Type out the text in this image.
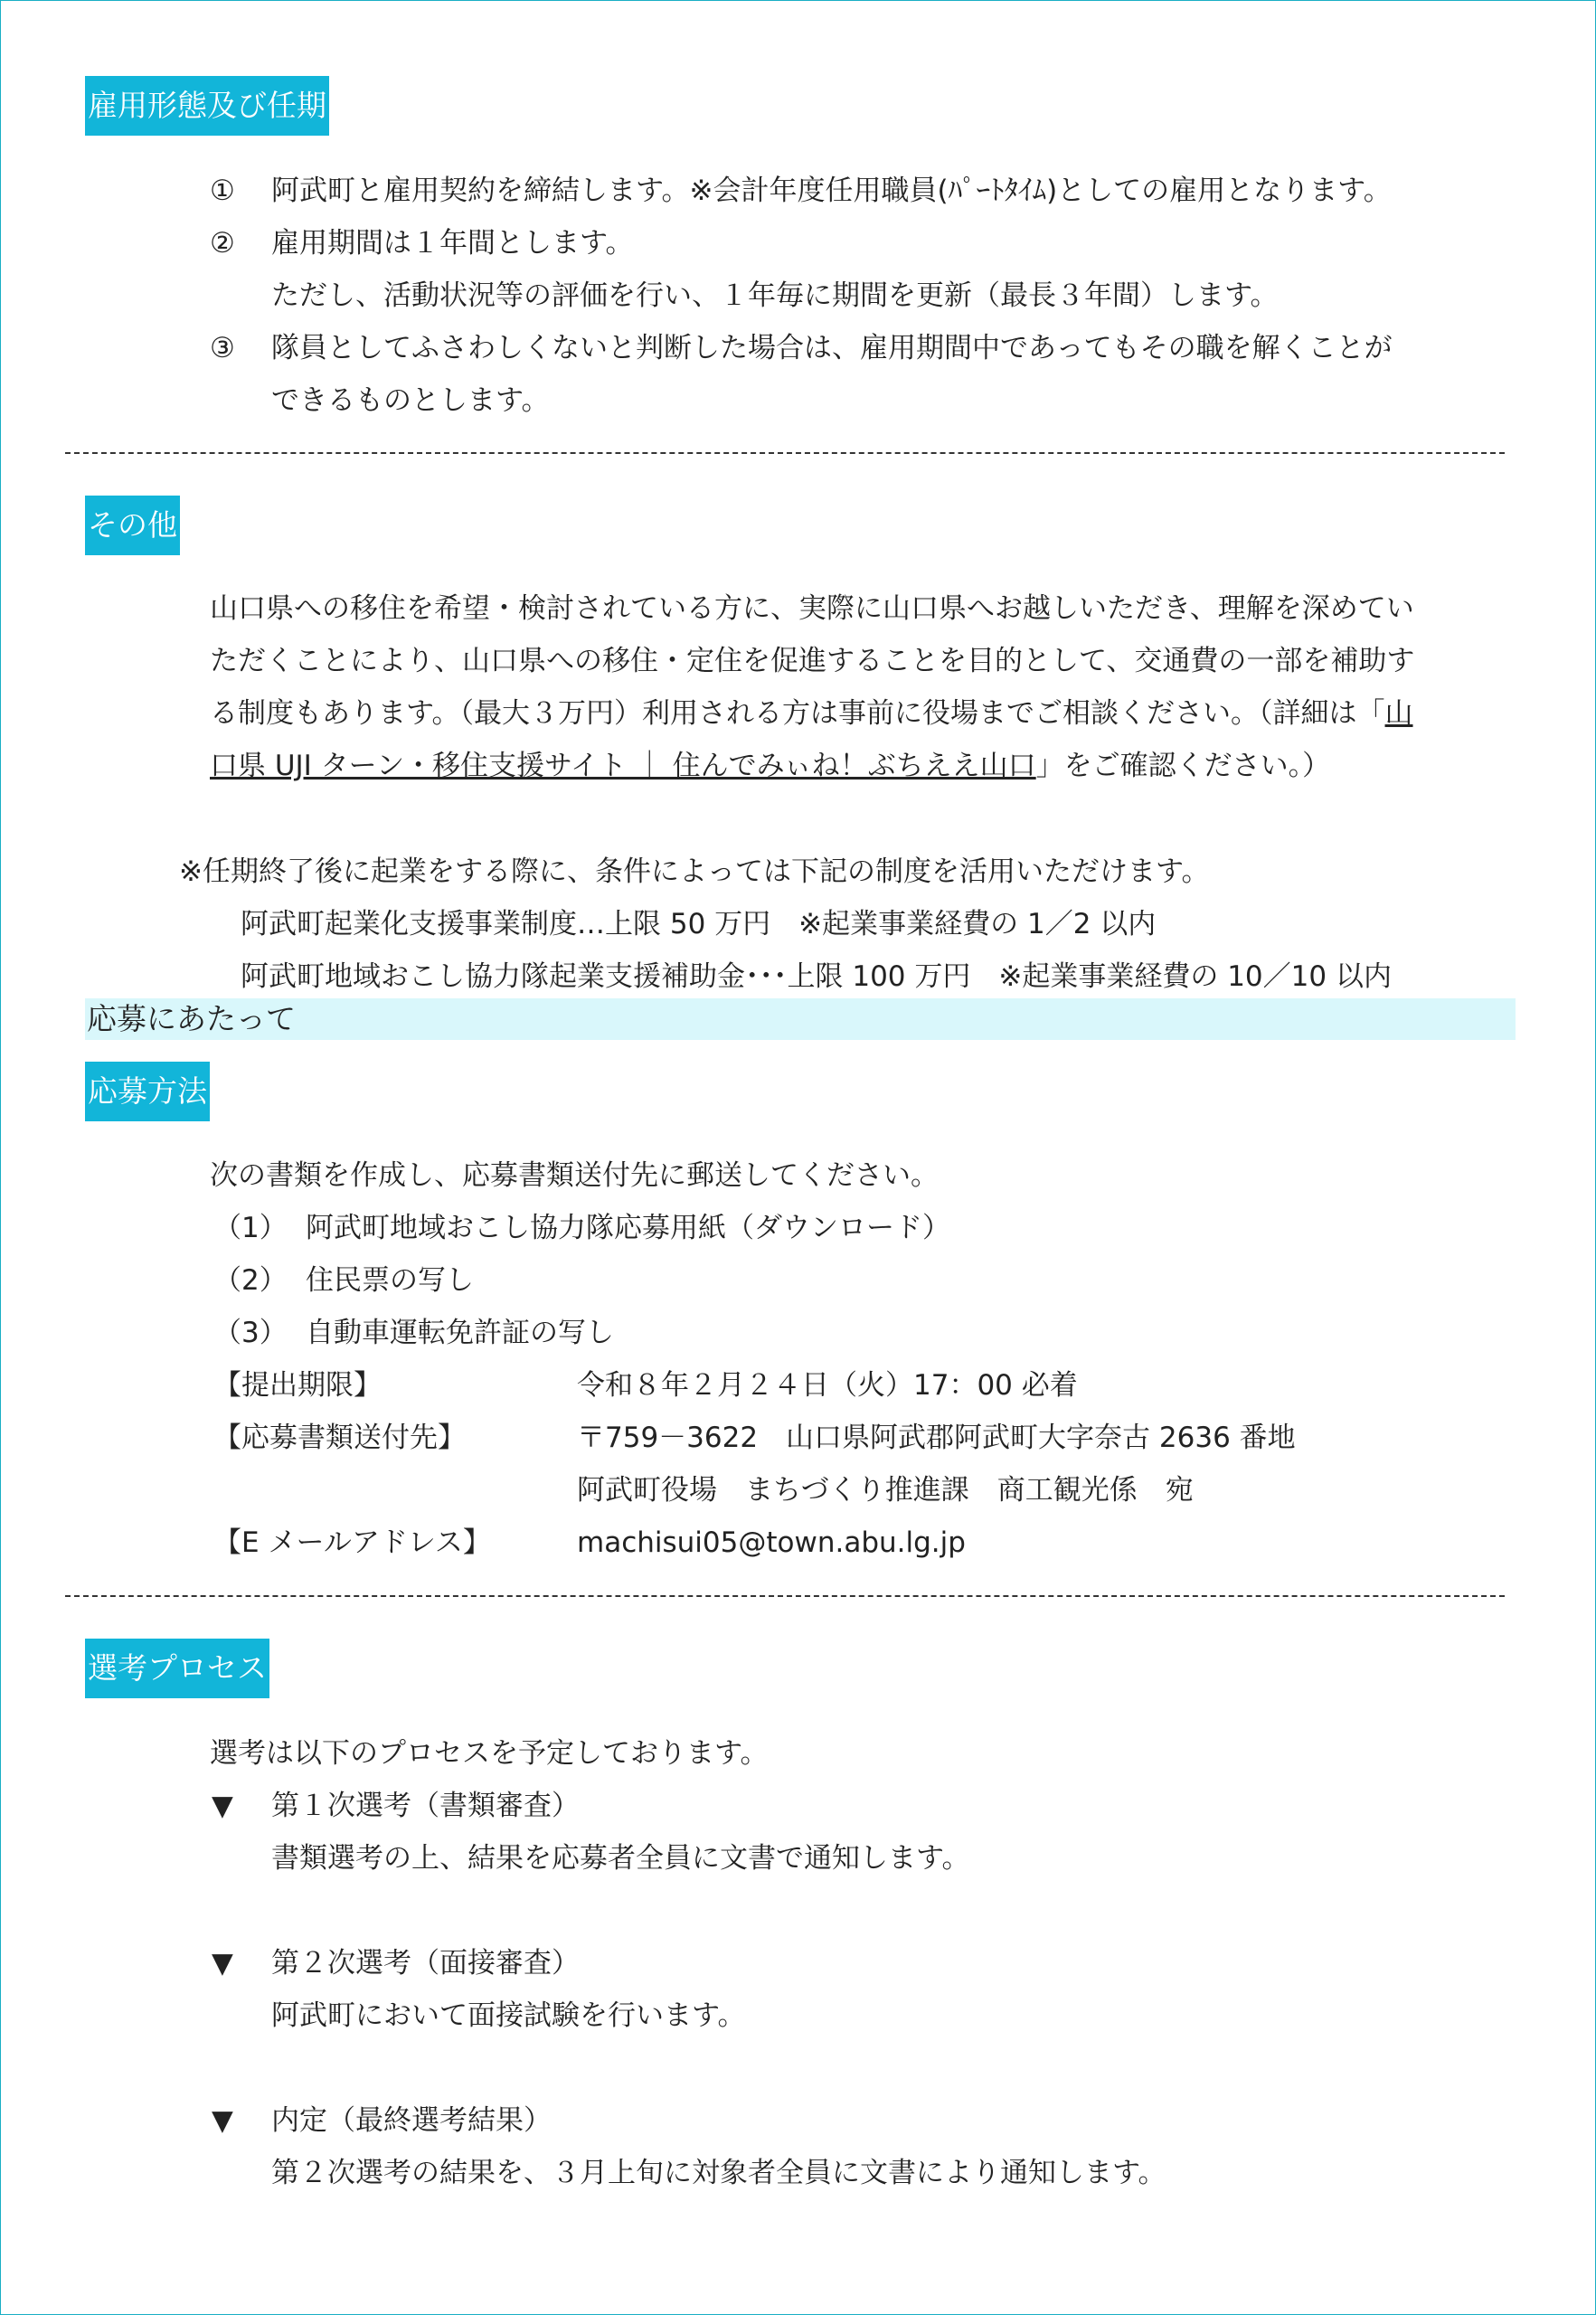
雇用形態及び任期
① 阿武町と雇用契約を締結します。※会計年度任用職員(ﾊﾟｰﾄﾀｲﾑ)としての雇用となります。
② 雇用期間は１年間とします。
ただし、活動状況等の評価を行い、１年毎に期間を更新（最長３年間）します。
③ 隊員としてふさわしくないと判断した場合は、雇用期間中であってもその職を解くことが
できるものとします。
その他
山口県への移住を希望・検討されている方に、実際に山口県へお越しいただき、理解を深めてい
ただくことにより、山口県への移住・定住を促進することを目的として、交通費の一部を補助す
る制度もあります。（最大３万円）利用される方は事前に役場までご相談ください。（詳細は「山
口県 UJI ターン・移住支援サイト ｜ 住んでみぃね！ぶちええ山口」をご確認ください。）
※任期終了後に起業をする際に、条件によっては下記の制度を活用いただけます。
阿武町起業化支援事業制度…上限 50 万円　※起業事業経費の 1／2 以内
阿武町地域おこし協力隊起業支援補助金･･･上限 100 万円　※起業事業経費の 10／10 以内
応募にあたって
応募方法
次の書類を作成し、応募書類送付先に郵送してください。
（1） 阿武町地域おこし協力隊応募用紙（ダウンロード）
（2） 住民票の写し
（3） 自動車運転免許証の写し
【提出期限】	令和８年２月２４日（火）17：00 必着
【応募書類送付先】	〒759－3622　山口県阿武郡阿武町大字奈古 2636 番地
阿武町役場　まちづくり推進課　商工観光係　宛
【E メールアドレス】	machisui05@town.abu.lg.jp
選考プロセス
選考は以下のプロセスを予定しております。
▼ 第１次選考（書類審査）
書類選考の上、結果を応募者全員に文書で通知します。
▼ 第２次選考（面接審査）
阿武町において面接試験を行います。
▼ 内定（最終選考結果）
第２次選考の結果を、３月上旬に対象者全員に文書により通知します。
